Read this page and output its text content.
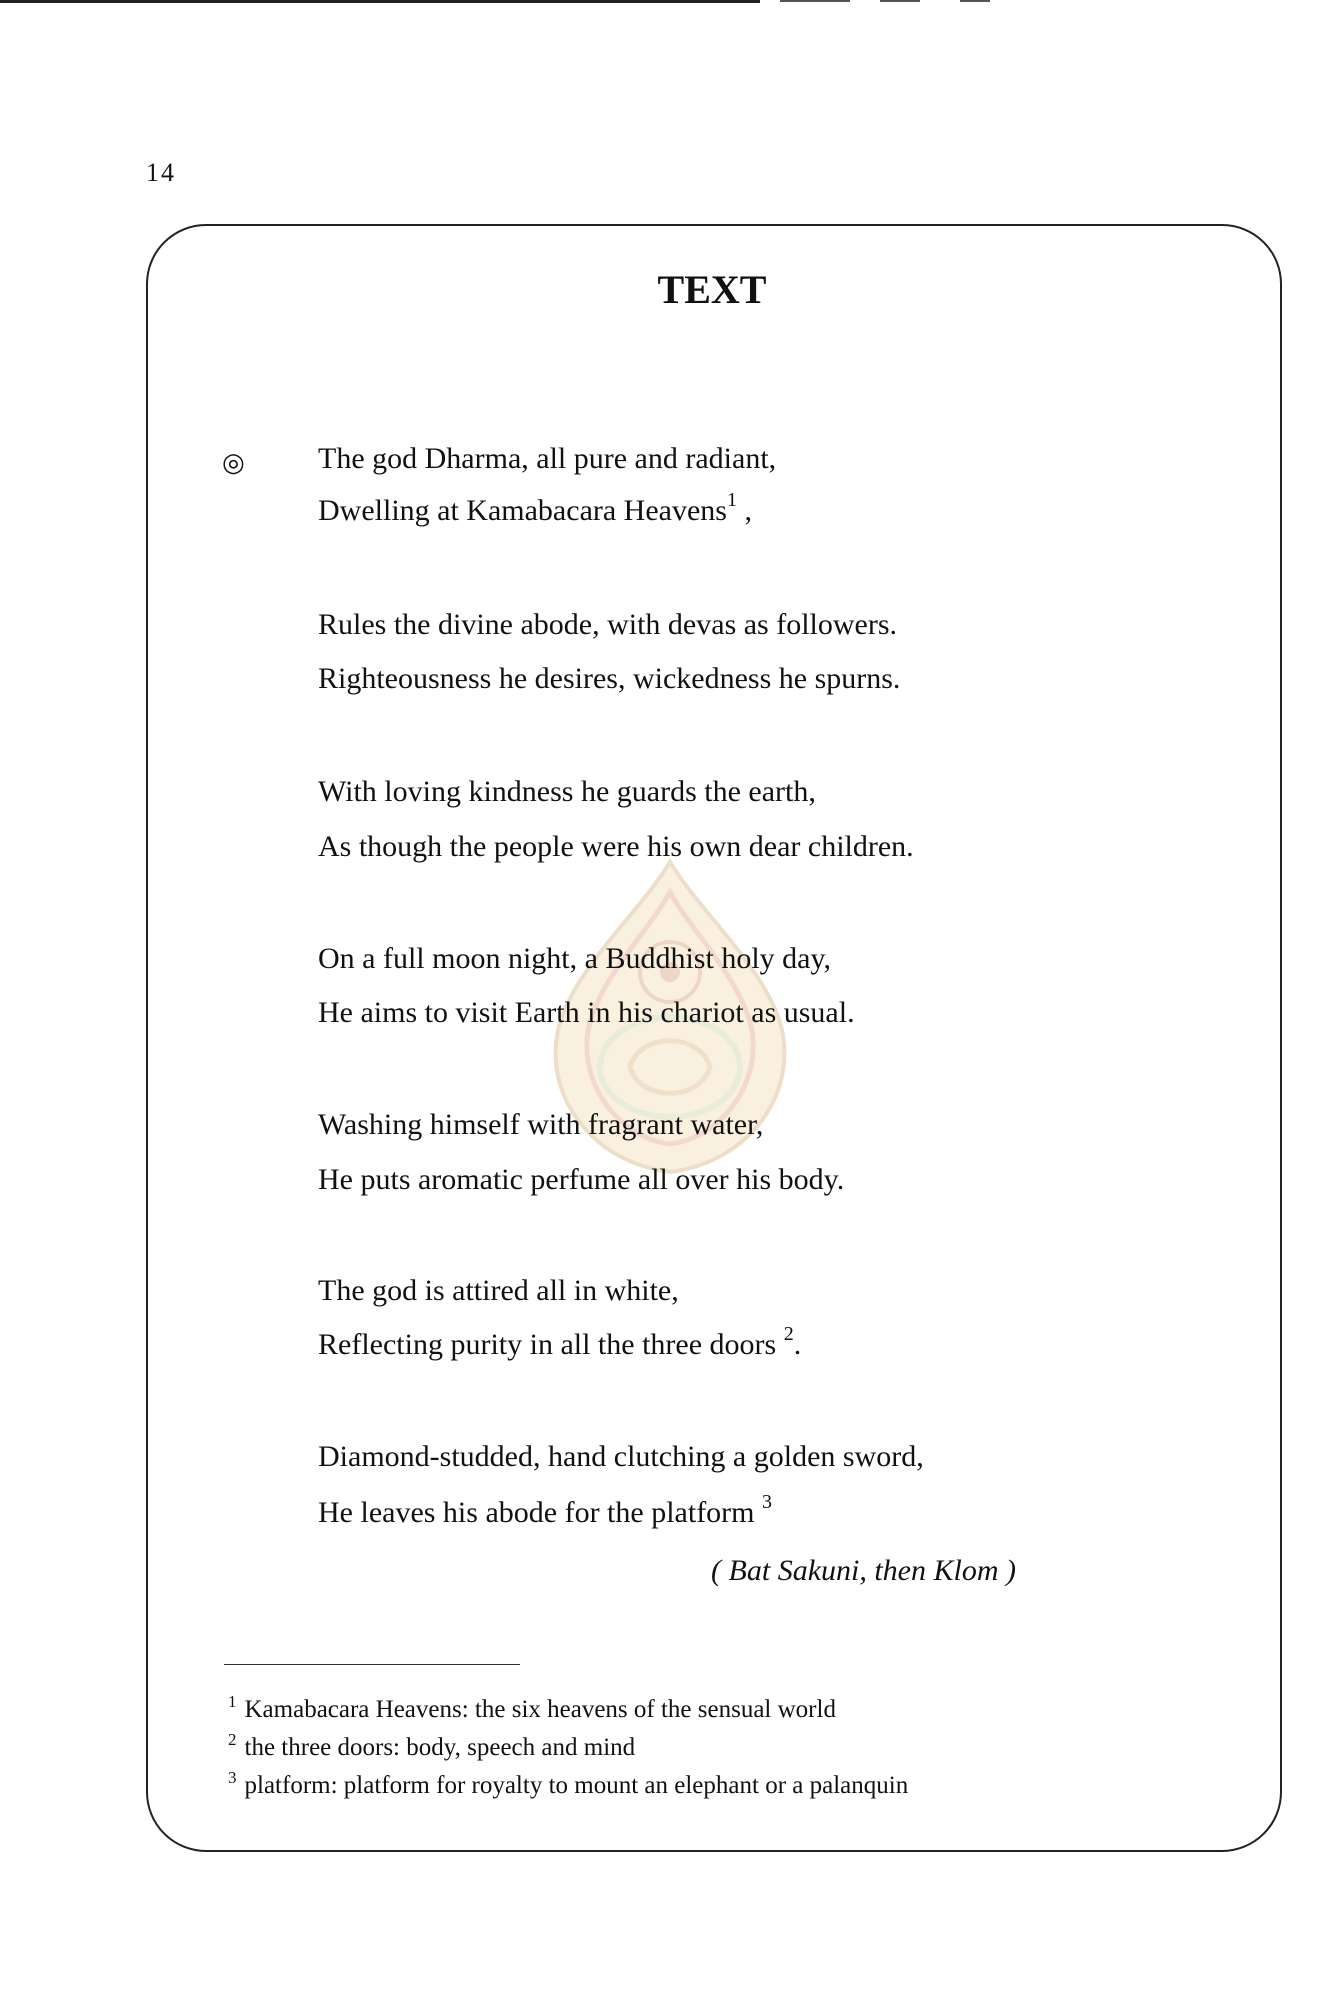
14
TEXT
◎ The god Dharma, all pure and radiant,
Dwelling at Kamabacara Heavens$^1$ ,
Rules the divine abode, with devas as followers.
Righteousness he desires, wickedness he spurns.
With loving kindness he guards the earth,
As though the people were his own dear children.
On a full moon night, a Buddhist holy day,
He aims to visit Earth in his chariot as usual.
Washing himself with fragrant water,
He puts aromatic perfume all over his body.
The god is attired all in white,
Reflecting purity in all the three doors $^2$.
Diamond-studded, hand clutching a golden sword,
He leaves his abode for the platform $^3$
( Bat Sakuni, then Klom )
$^1$ Kamabacara Heavens: the six heavens of the sensual world
$^2$ the three doors: body, speech and mind
$^3$ platform: platform for royalty to mount an elephant or a palanquin
